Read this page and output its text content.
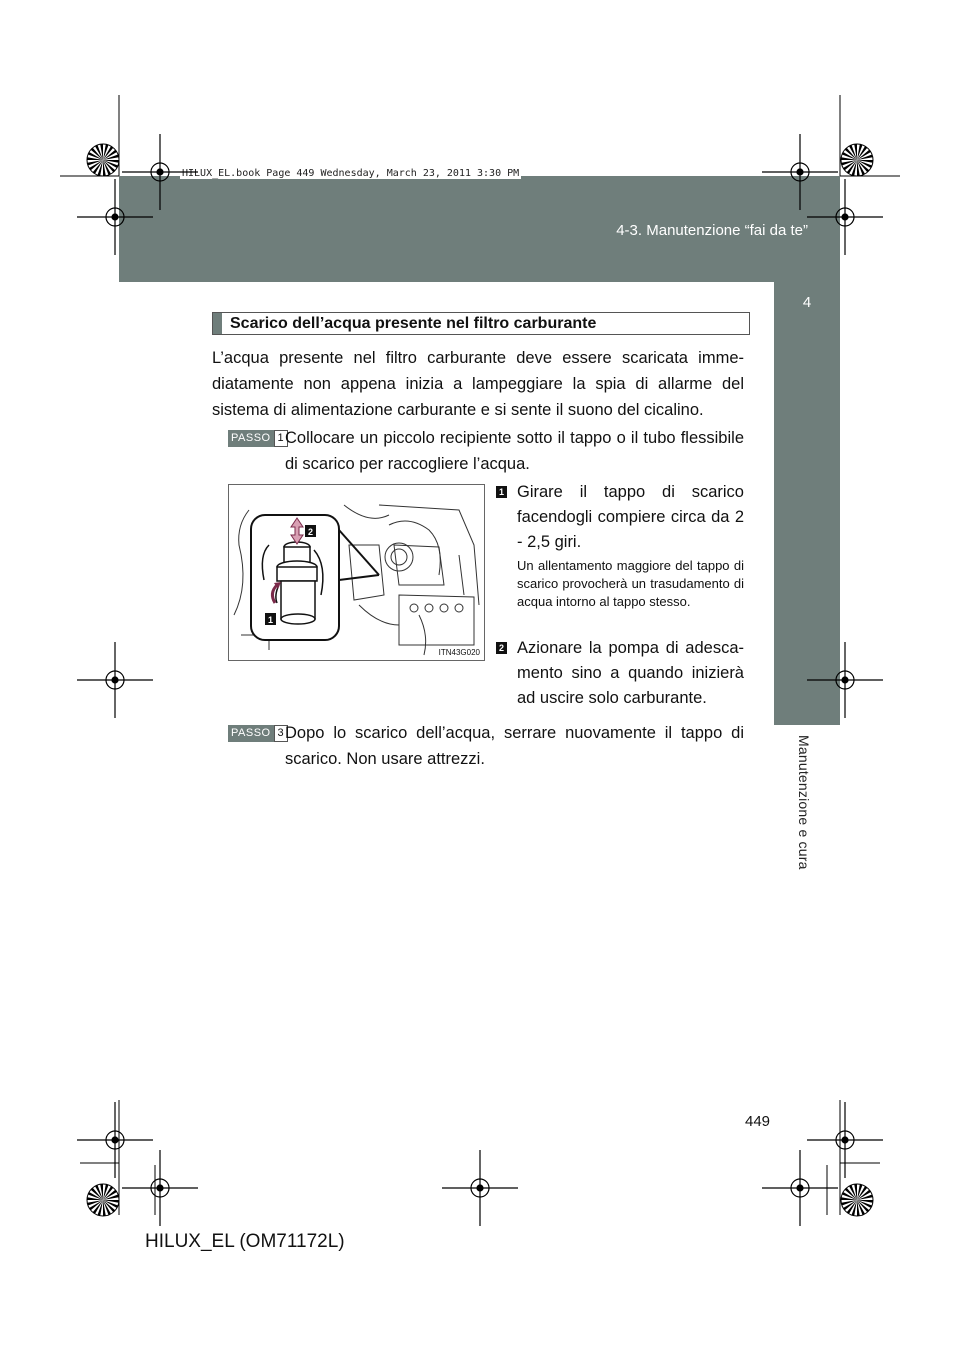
4-3. Manutenzione “fai da te”
HILUX_EL.book Page 449 Wednesday, March 23, 2011 3:30 PM
4
Manutenzione e cura
Scarico dell’acqua presente nel filtro carburante
L’acqua presente nel filtro carburante deve essere scaricata imme-diatamente non appena inizia a lampeggiare la spia di allarme del sistema di alimentazione carburante e si sente il suono del cicalino.
PASSO 1 Collocare un piccolo recipiente sotto il tappo o il tubo flessibile di scarico per raccogliere l’acqua.
2
1
ITN43G020
1 Girare il tappo di scarico facendogli compiere circa da 2 - 2,5 giri.
Un allentamento maggiore del tappo di scarico provocherà un trasudamento di acqua intorno al tappo stesso.
2 Azionare la pompa di adesca-mento sino a quando inizierà ad uscire solo carburante.
PASSO 3 Dopo lo scarico dell’acqua, serrare nuovamente il tappo di scarico. Non usare attrezzi.
449
HILUX_EL (OM71172L)
